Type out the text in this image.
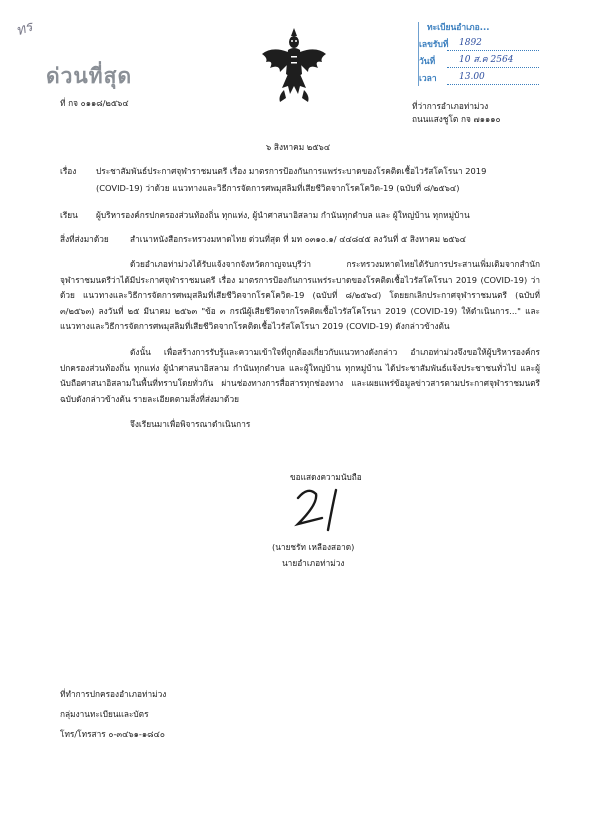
ทร
ด่วนที่สุด
ที่ กจ ๐๑๑๘/๒๕๖๔
ทะเบียนอำเภอ...
เลขรับที่ 1892
วันที่	10 ส.ค 2564
เวลา 13.00
ที่ว่าการอำเภอท่าม่วง
ถนนแสงชูโต กจ ๗๑๑๑๐
๖ สิงหาคม ๒๕๖๔
เรื่อง ประชาสัมพันธ์ประกาศจุฬาราชมนตรี เรื่อง มาตรการป้องกันการแพร่ระบาดของโรคติดเชื้อไวรัสโคโรนา 2019
(COVID-19) ว่าด้วย แนวทางและวิธีการจัดการศพมุสลิมที่เสียชีวิตจากโรคโควิด-19 (ฉบับที่ ๘/๒๕๖๔)
เรียน ผู้บริหารองค์กรปกครองส่วนท้องถิ่น ทุกแห่ง, ผู้นำศาสนาอิสลาม กำนันทุกตำบล และ ผู้ใหญ่บ้าน ทุกหมู่บ้าน
สิ่งที่ส่งมาด้วย	สำเนาหนังสือกระทรวงมหาดไทย ด่วนที่สุด ที่ มท ๐๓๑๐.๑/ ๔๔๘๔๕ ลงวันที่ ๕ สิงหาคม ๒๕๖๔
ด้วยอำเภอท่าม่วงได้รับแจ้งจากจังหวัดกาญจนบุรีว่า กระทรวงมหาดไทยได้รับการประสานเพิ่มเติมจากสำนักจุฬาราชมนตรีว่าได้มีประกาศจุฬาราชมนตรี เรื่อง มาตรการป้องกันการแพร่ระบาดของโรคติดเชื้อไวรัสโคโรนา 2019 (COVID-19) ว่าด้วย แนวทางและวิธีการจัดการศพมุสลิมที่เสียชีวิตจากโรคโควิด-19 (ฉบับที่ ๘/๒๕๖๔) โดยยกเลิกประกาศจุฬาราชมนตรี (ฉบับที่ ๓/๒๕๖๓) ลงวันที่ ๒๕ มีนาคม ๒๕๖๓ "ข้อ ๓ กรณีผู้เสียชีวิตจากโรคติดเชื้อไวรัสโคโรนา 2019 (COVID-19) ให้ดำเนินการ..." และแนวทางและวิธีการจัดการศพมุสลิมที่เสียชีวิตจากโรคติดเชื้อไวรัสโคโรนา 2019 (COVID-19) ดังกล่าวข้างต้น
ดังนั้น เพื่อสร้างการรับรู้และความเข้าใจที่ถูกต้องเกี่ยวกับแนวทางดังกล่าว อำเภอท่าม่วงจึงขอให้ผู้บริหารองค์กรปกครองส่วนท้องถิ่น ทุกแห่ง ผู้นำศาสนาอิสลาม กำนันทุกตำบล และผู้ใหญ่บ้าน ทุกหมู่บ้าน ได้ประชาสัมพันธ์แจ้งประชาชนทั่วไป และผู้นับถือศาสนาอิสลามในพื้นที่ทราบโดยทั่วกัน ผ่านช่องทางการสื่อสารทุกช่องทาง และเผยแพร่ข้อมูลข่าวสารตามประกาศจุฬาราชมนตรีฉบับดังกล่าวข้างต้น รายละเอียดตามสิ่งที่ส่งมาด้วย
จึงเรียนมาเพื่อพิจารณาดำเนินการ
ขอแสดงความนับถือ
21
(นายชรัท เหลืองสอาด)
นายอำเภอท่าม่วง
ที่ทำการปกครองอำเภอท่าม่วง
กลุ่มงานทะเบียนและบัตร
โทร/โทรสาร ๐-๓๔๖๑-๑๘๔๐
